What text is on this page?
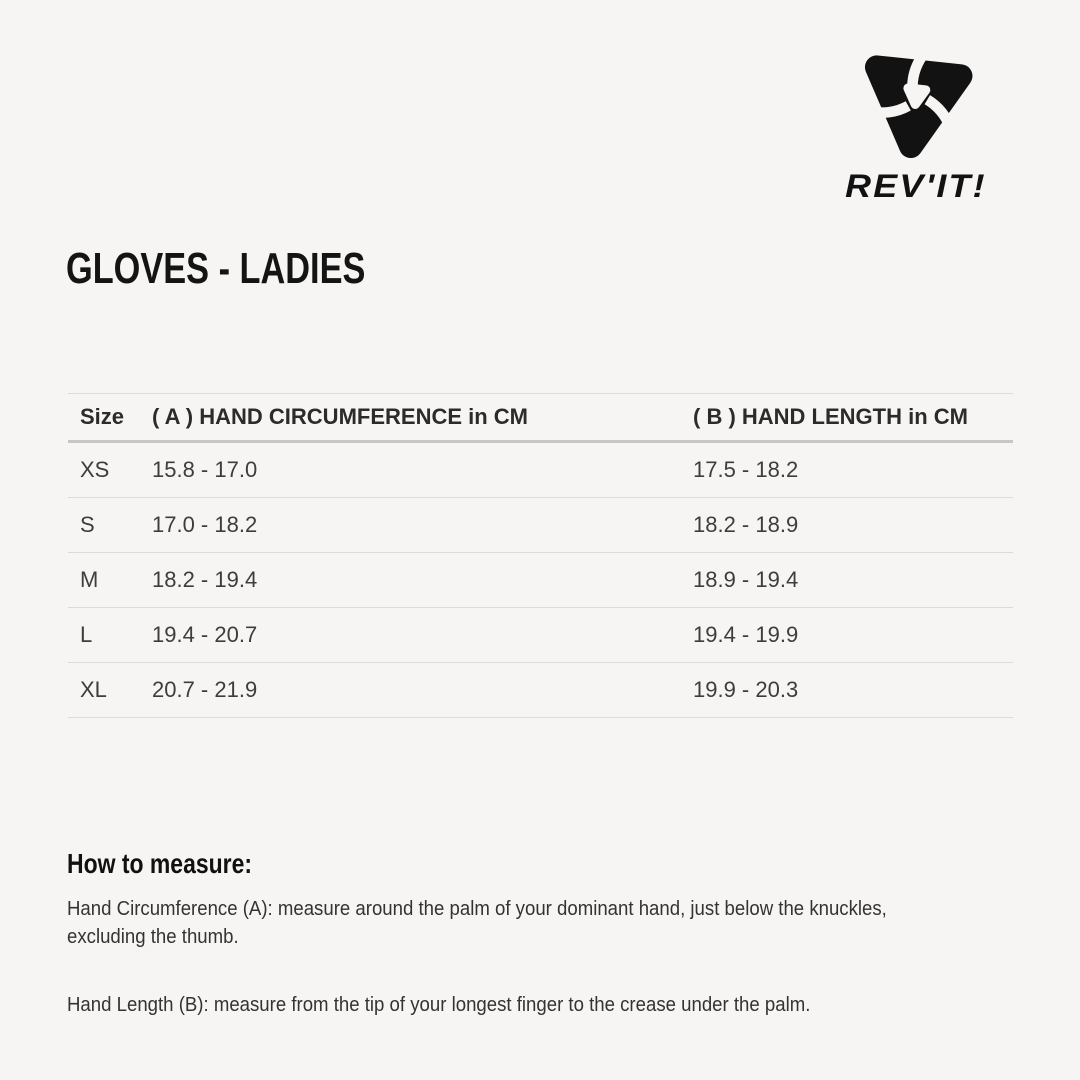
REV'IT!
GLOVES - LADIES
Size	( A ) HAND CIRCUMFERENCE in CM	( B ) HAND LENGTH in CM
XS	15.8 - 17.0	17.5 - 18.2
S	17.0 - 18.2	18.2 - 18.9
M	18.2 - 19.4	18.9 - 19.4
L	19.4 - 20.7	19.4 - 19.9
XL	20.7 - 21.9	19.9 - 20.3
How to measure:
Hand Circumference (A): measure around the palm of your dominant hand, just below the knuckles,
excluding the thumb.
Hand Length (B): measure from the tip of your longest finger to the crease under the palm.
